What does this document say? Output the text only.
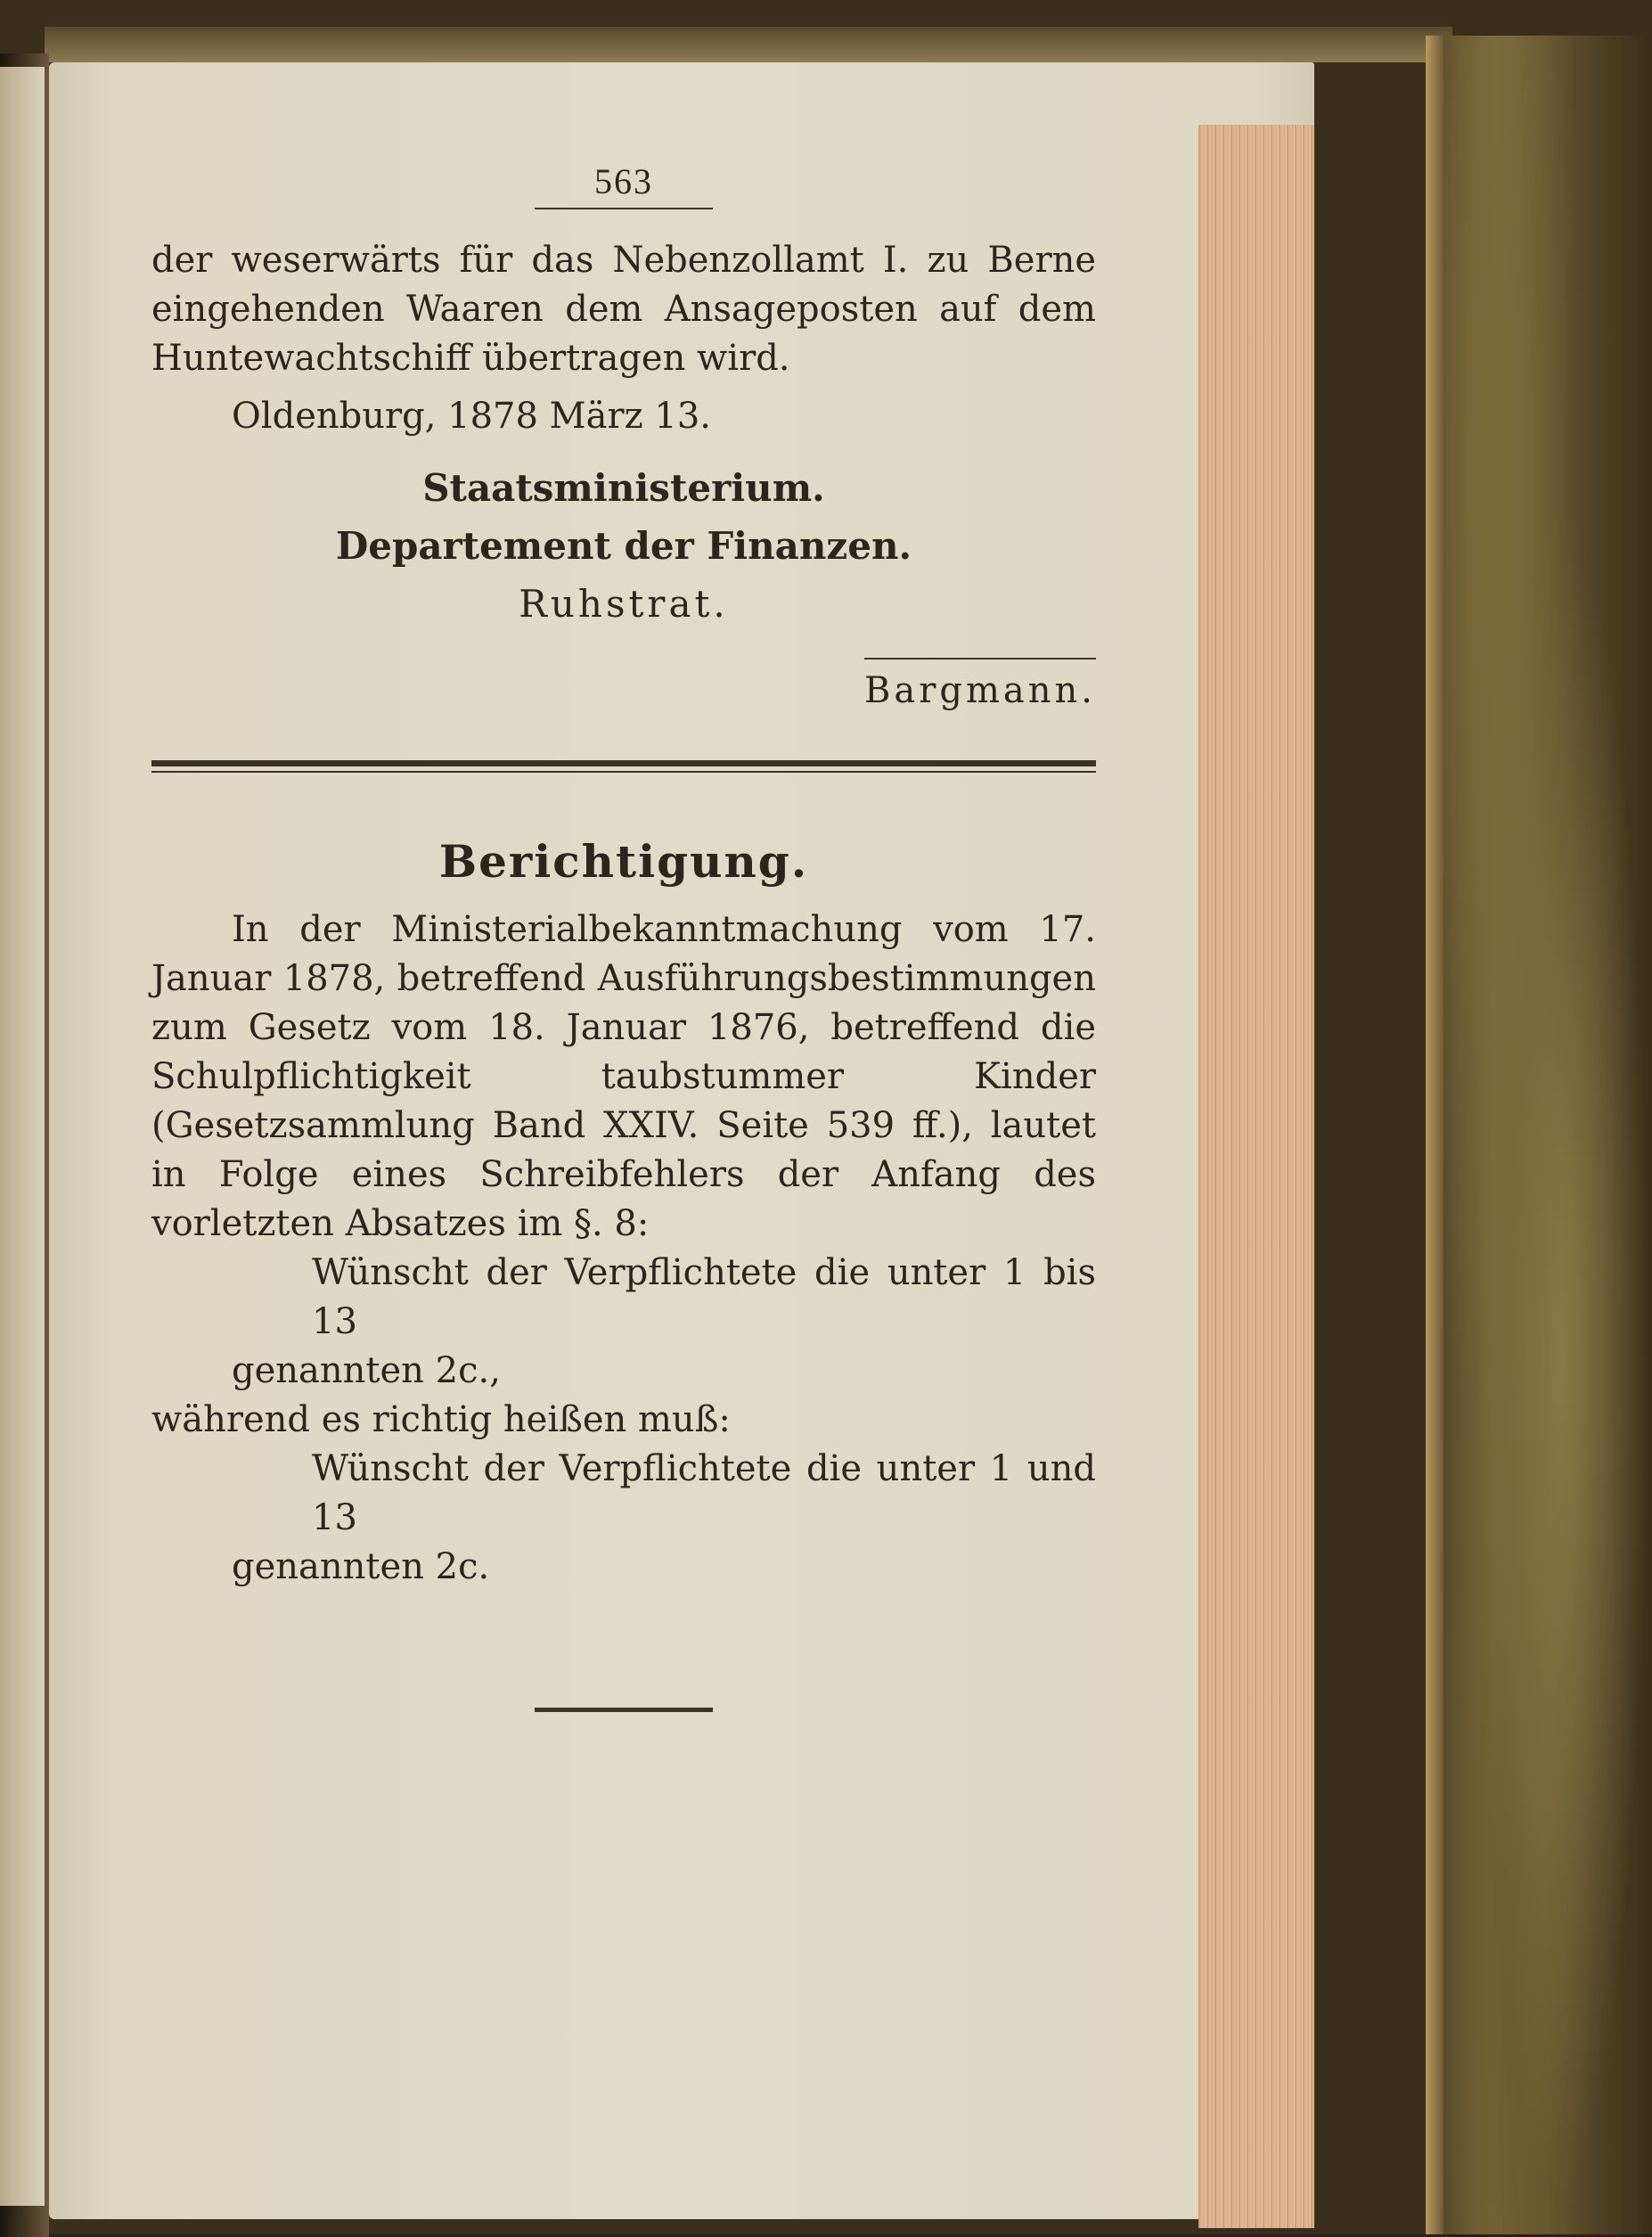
563

der weserwärts für das Nebenzollamt I. zu Berne eingehenden Waaren dem Ansageposten auf dem Huntewachtschiff übertragen wird.

Oldenburg, 1878 März 13.
Staatsministerium.
Departement der Finanzen.
Ruhstrat.
Bargmann.
Berichtigung.

In der Ministerialbekanntmachung vom 17. Januar 1878, betreffend Ausführungsbestimmungen zum Gesetz vom 18. Januar 1876, betreffend die Schulpflichtigkeit taubstummer Kinder (Gesetzsammlung Band XXIV. Seite 539 ff.), lautet in Folge eines Schreibfehlers der Anfang des vorletzten Absatzes im §. 8:

Wünscht der Verpflichtete die unter 1 bis 13
genannten 2c.,
während es richtig heißen muß:
Wünscht der Verpflichtete die unter 1 und 13
genannten 2c.
